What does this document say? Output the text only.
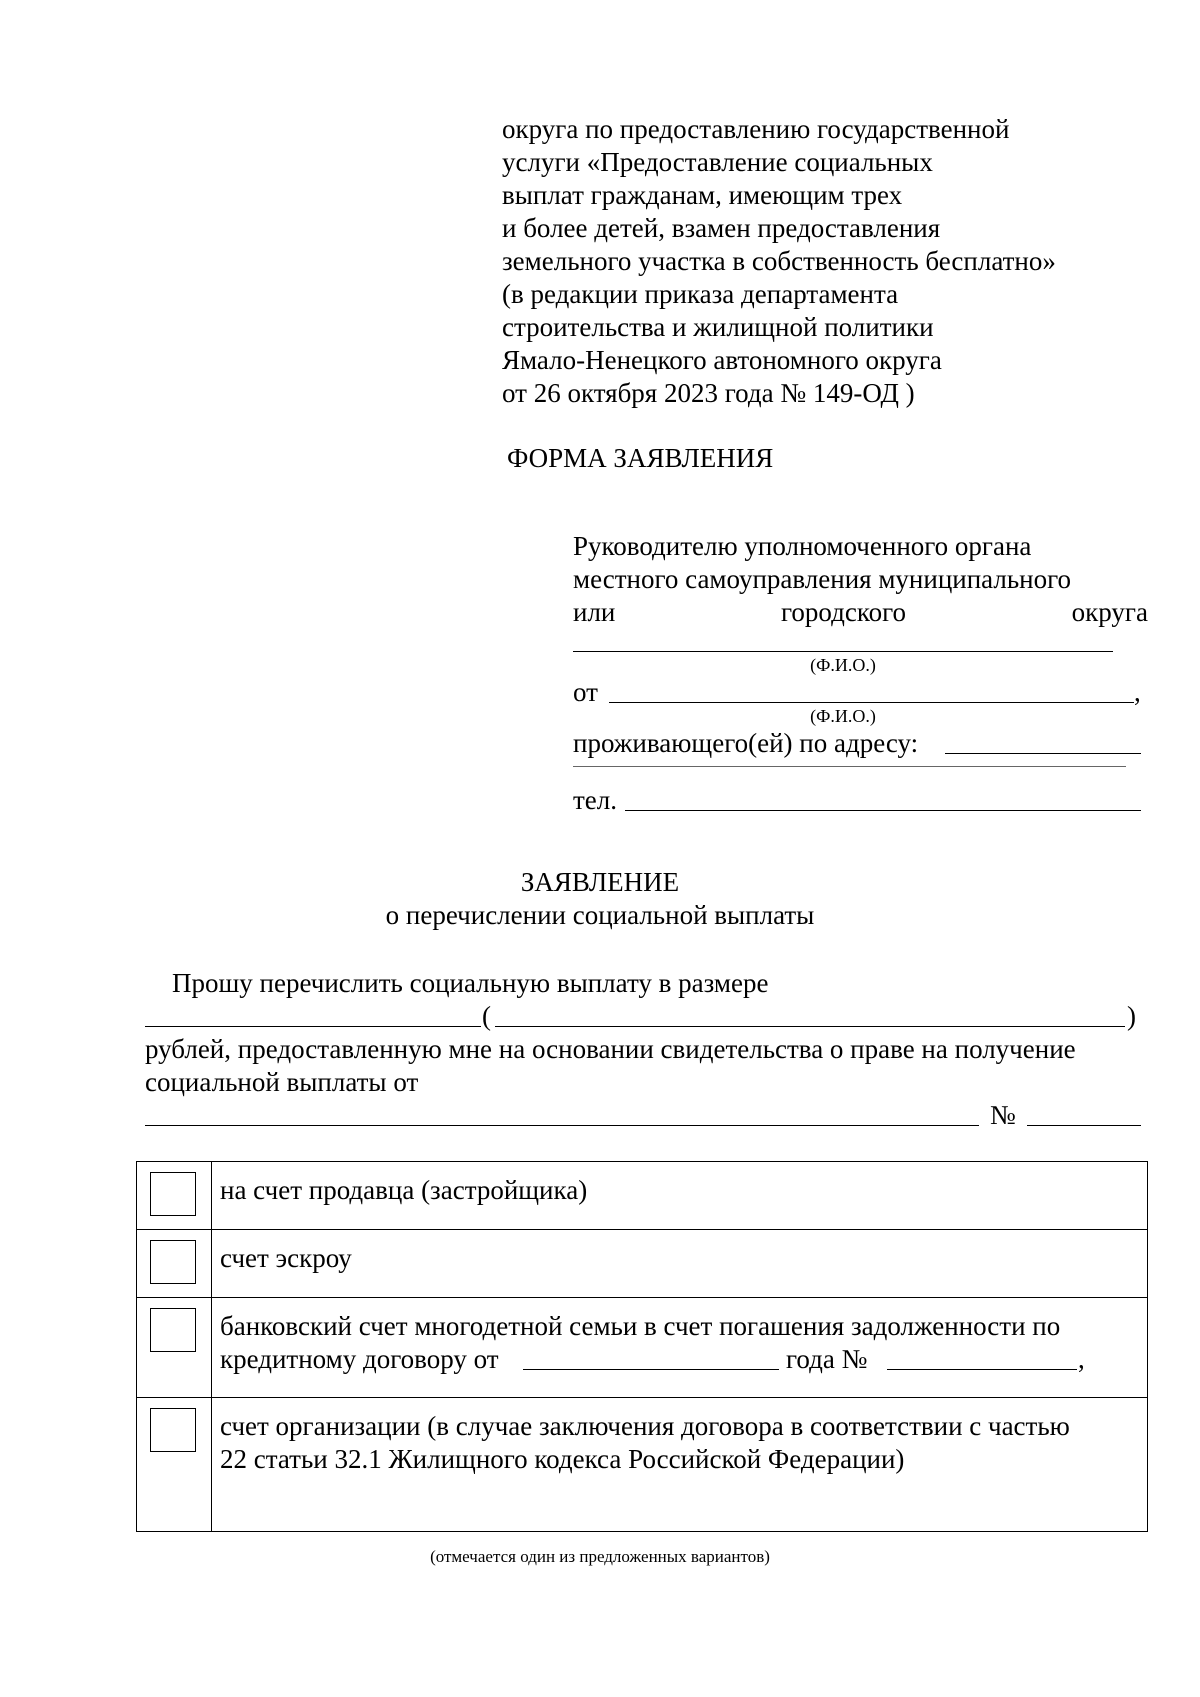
округа по предоставлению государственной
услуги «Предоставление социальных
выплат гражданам, имеющим трех
и более детей, взамен предоставления
земельного участка в собственность бесплатно»
(в редакции приказа департамента
строительства и жилищной политики
Ямало-Ненецкого автономного округа
от 26 октября 2023 года № 149-ОД )
ФОРМА ЗАЯВЛЕНИЯ
Руководителю уполномоченного органа
местного самоуправления муниципального
или	городского	округа
(Ф.И.О.)
от	,
(Ф.И.О.)
проживающего(ей) по адресу:
тел.
ЗАЯВЛЕНИЕ
о перечислении социальной выплаты
Прошу перечислить социальную выплату в размере
(	)
рублей, предоставленную мне на основании свидетельства о праве на получение
социальной выплаты от
№

	на счет продавца (застройщика)

	счет эскроу

	банковский счет многодетной семьи в счет погашения задолженности по
кредитному договору от года № ,

	счет организации (в случае заключения договора в соответствии с частью
22 статьи 32.1 Жилищного кодекса Российской Федерации)
(отмечается один из предложенных вариантов)
